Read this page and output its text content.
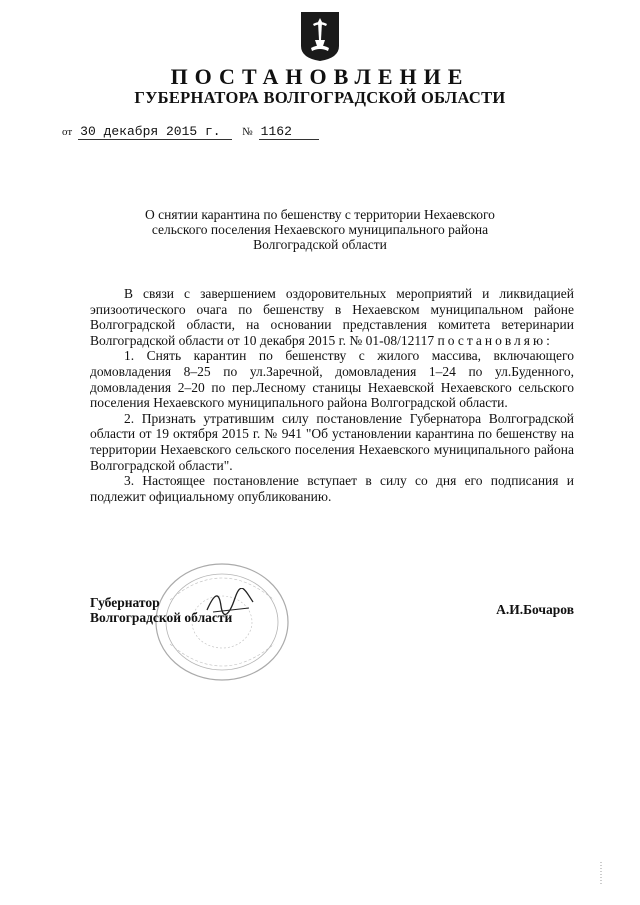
ПОСТАНОВЛЕНИЕ
ГУБЕРНАТОРА ВОЛГОГРАДСКОЙ ОБЛАСТИ
от 30 декабря 2015 г. № 1162
О снятии карантина по бешенству с территории Нехаевского
сельского поселения Нехаевского муниципального района
Волгоградской области

В связи с завершением оздоровительных мероприятий и ликвидацией эпизоотического очага по бешенству в Нехаевском муниципальном районе Волгоградской области, на основании представления комитета ветеринарии Волгоградской области от 10 декабря 2015 г. № 01-08/12117 постановляю:

1. Снять карантин по бешенству с жилого массива, включающего домовладения 8–25 по ул.Заречной, домовладения 1–24 по ул.Буденного, домовладения 2–20 по пер.Лесному станицы Нехаевской Нехаевского сельского поселения Нехаевского муниципального района Волгоградской области.

2. Признать утратившим силу постановление Губернатора Волгоградской области от 19 октября 2015 г. № 941 "Об установлении карантина по бешенству на территории Нехаевского сельского поселения Нехаевского муниципального района Волгоградской области".

3. Настоящее постановление вступает в силу со дня его подписания и подлежит официальному опубликованию.

Губернатор
Волгоградской области
А.И.Бочаров
